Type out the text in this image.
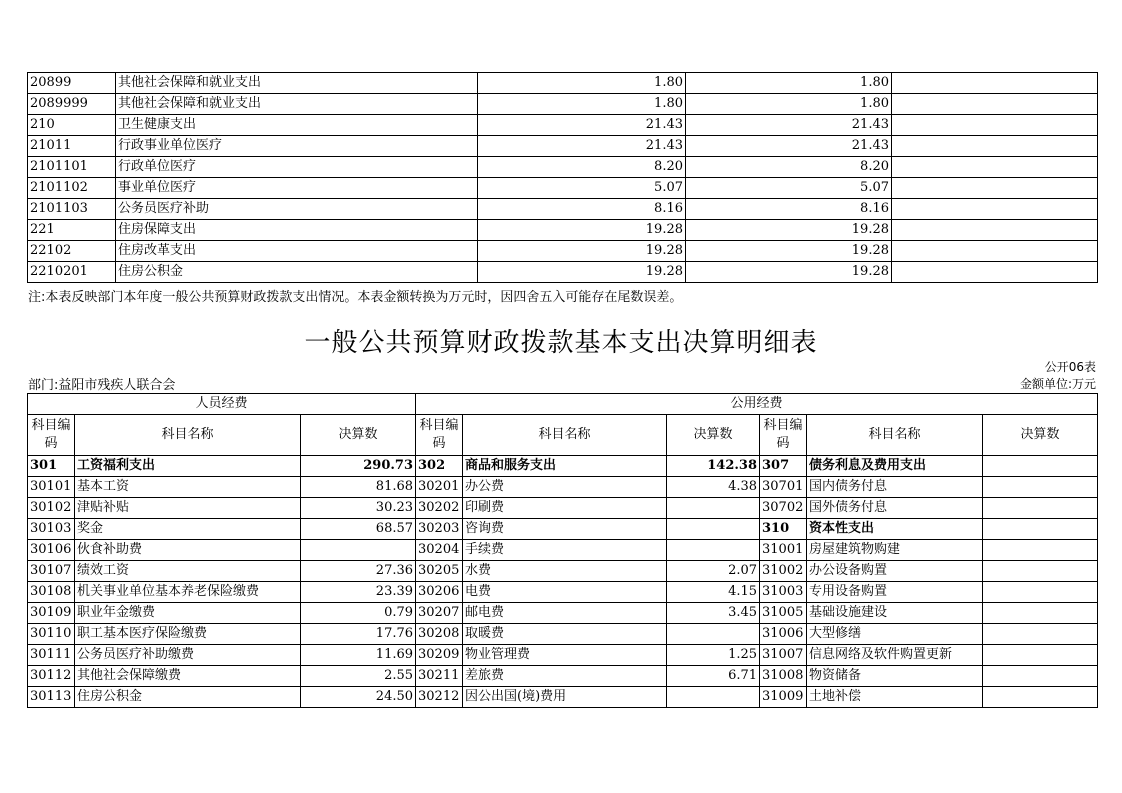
20899	其他社会保障和就业支出	1.80	1.80	
2089999	其他社会保障和就业支出	1.80	1.80	
210	卫生健康支出	21.43	21.43	
21011	行政事业单位医疗	21.43	21.43	
2101101	行政单位医疗	8.20	8.20	
2101102	事业单位医疗	5.07	5.07	
2101103	公务员医疗补助	8.16	8.16	
221	住房保障支出	19.28	19.28	
22102	住房改革支出	19.28	19.28	
2210201	住房公积金	19.28	19.28	
注:本表反映部门本年度一般公共预算财政拨款支出情况。本表金额转换为万元时，因四舍五入可能存在尾数误差。
一般公共预算财政拨款基本支出决算明细表
公开06表
部门:益阳市残疾人联合会	金额单位:万元
人员经费			公用经费					
科目编码	科目名称	决算数	科目编码	科目名称	决算数	科目编码	科目名称	决算数
301	工资福利支出	290.73	302	商品和服务支出	142.38	307	债务利息及费用支出	
30101	基本工资	81.68	30201	办公费	4.38	30701	国内债务付息	
30102	津贴补贴	30.23	30202	印刷费		30702	国外债务付息	
30103	奖金	68.57	30203	咨询费		310	资本性支出	
30106	伙食补助费		30204	手续费		31001	房屋建筑物购建	
30107	绩效工资	27.36	30205	水费	2.07	31002	办公设备购置	
30108	机关事业单位基本养老保险缴费	23.39	30206	电费	4.15	31003	专用设备购置	
30109	职业年金缴费	0.79	30207	邮电费	3.45	31005	基础设施建设	
30110	职工基本医疗保险缴费	17.76	30208	取暖费		31006	大型修缮	
30111	公务员医疗补助缴费	11.69	30209	物业管理费	1.25	31007	信息网络及软件购置更新	
30112	其他社会保障缴费	2.55	30211	差旅费	6.71	31008	物资储备	
30113	住房公积金	24.50	30212	因公出国(境)费用		31009	土地补偿	
